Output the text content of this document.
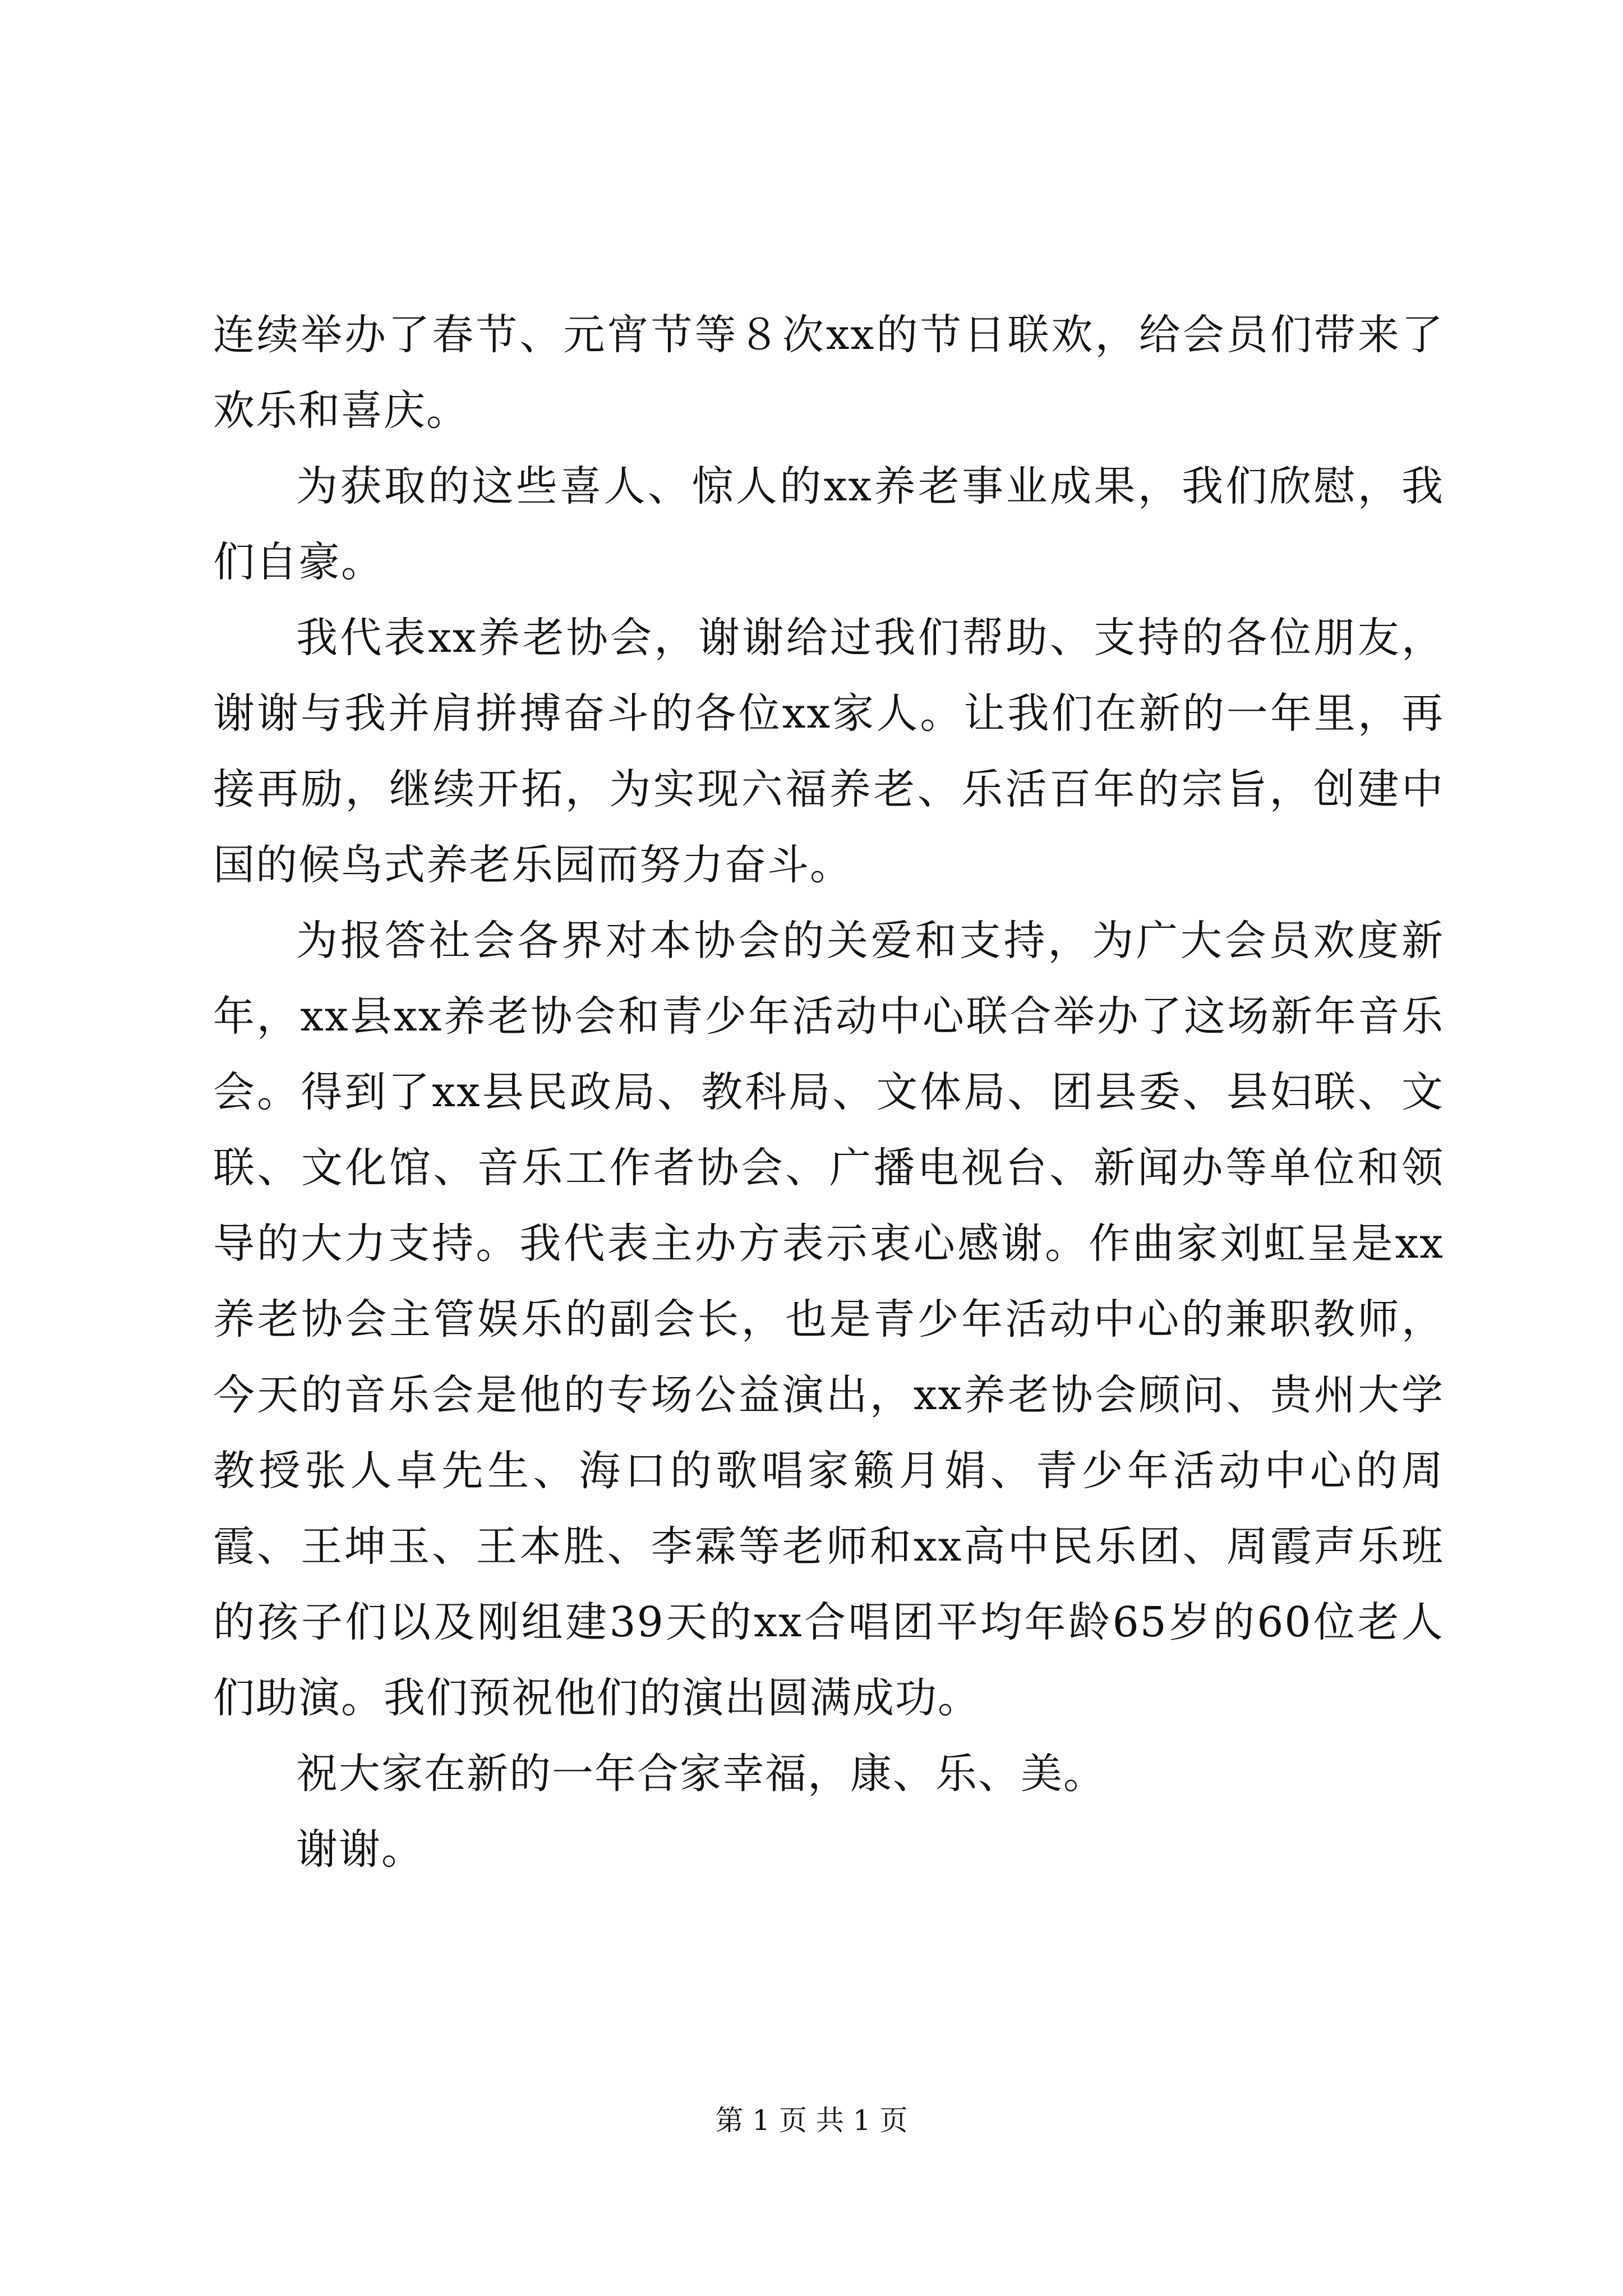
连续举办了春节、元宵节等８次xx的节日联欢，给会员们带来了欢乐和喜庆。

为获取的这些喜人、惊人的xx养老事业成果，我们欣慰，我们自豪。

我代表xx养老协会，谢谢给过我们帮助、支持的各位朋友，谢谢与我并肩拼搏奋斗的各位xx家人。让我们在新的一年里，再接再励，继续开拓，为实现六福养老、乐活百年的宗旨，创建中国的候鸟式养老乐园而努力奋斗。

为报答社会各界对本协会的关爱和支持，为广大会员欢度新年，xx县xx养老协会和青少年活动中心联合举办了这场新年音乐会。得到了xx县民政局、教科局、文体局、团县委、县妇联、文联、文化馆、音乐工作者协会、广播电视台、新闻办等单位和领导的大力支持。我代表主办方表示衷心感谢。作曲家刘虹呈是xx养老协会主管娱乐的副会长，也是青少年活动中心的兼职教师，今天的音乐会是他的专场公益演出，xx养老协会顾问、贵州大学教授张人卓先生、海口的歌唱家籁月娟、青少年活动中心的周霞、王坤玉、王本胜、李霖等老师和xx高中民乐团、周霞声乐班的孩子们以及刚组建39天的xx合唱团平均年龄65岁的60位老人们助演。我们预祝他们的演出圆满成功。

祝大家在新的一年合家幸福，康、乐、美。

谢谢。

第 1 页 共 1 页
